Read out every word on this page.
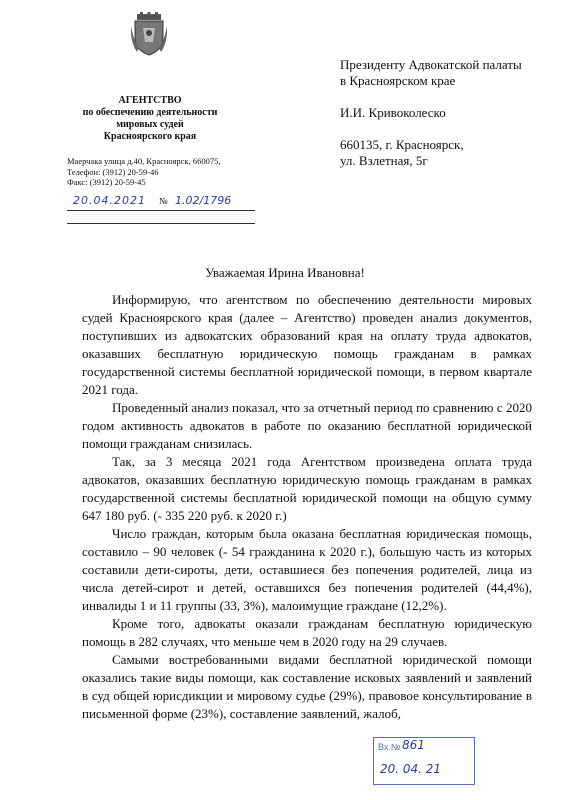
АГЕНТСТВО
по обеспечению деятельности
мировых судей
Красноярского края
Маерчака улица д.40, Красноярск, 660075,
Телефон: (3912) 20-59-46
Факс: (3912) 20-59-45
20.04.2021 № 1.02/1796
Президенту Адвокатской палаты
в Красноярском крае
И.И. Кривоколеско
660135, г. Красноярск,
ул. Взлетная, 5г
Уважаемая Ирина Ивановна!

Информирую, что агентством по обеспечению деятельности мировых судей Красноярского края (далее – Агентство) проведен анализ документов, поступивших из адвокатских образований края на оплату труда адвокатов, оказавших бесплатную юридическую помощь гражданам в рамках государственной системы бесплатной юридической помощи, в первом квартале 2021 года.

Проведенный анализ показал, что за отчетный период по сравнению с 2020 годом активность адвокатов в работе по оказанию бесплатной юридической помощи гражданам снизилась.

Так, за 3 месяца 2021 года Агентством произведена оплата труда адвокатов, оказавших бесплатную юридическую помощь гражданам в рамках государственной системы бесплатной юридической помощи на общую сумму 647 180 руб. (- 335 220 руб. к 2020 г.)

Число граждан, которым была оказана бесплатная юридическая помощь, составило – 90 человек (- 54 гражданина к 2020 г.), большую часть из которых составили дети-сироты, дети, оставшиеся без попечения родителей, лица из числа детей-сирот и детей, оставшихся без попечения родителей (44,4%), инвалиды 1 и 11 группы (33, 3%), малоимущие граждане (12,2%).

Кроме того, адвокаты оказали гражданам бесплатную юридическую помощь в 282 случаях, что меньше чем в 2020 году на 29 случаев.

Самыми востребованными видами бесплатной юридической помощи оказались такие виды помощи, как составление исковых заявлений и заявлений в суд общей юрисдикции и мировому судье (29%), правовое консультирование в письменной форме (23%), составление заявлений, жалоб,

Вх.№ 861
20. 04. 21
